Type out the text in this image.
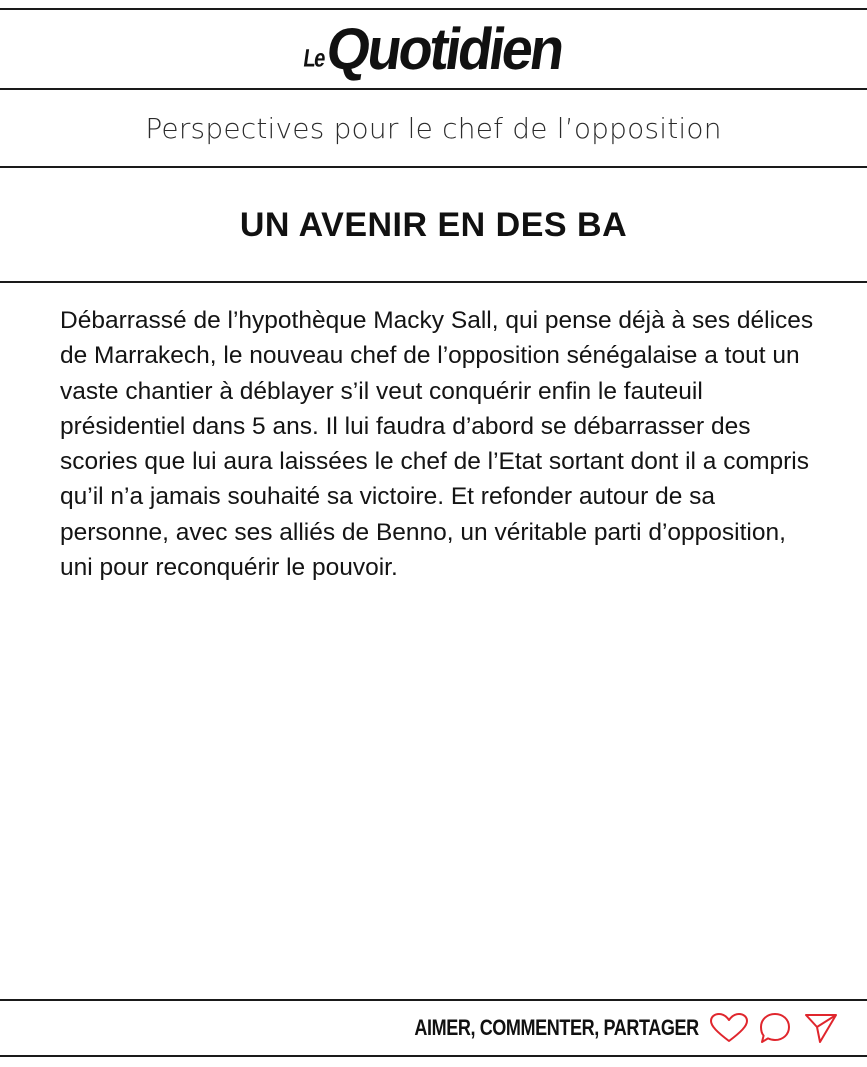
Le
Quotidien
Perspectives pour le chef de l’opposition
UN AVENIR EN DES BA

Débarrassé de l’hypothèque Macky Sall, qui pense déjà à ses délices de Marrakech, le nouveau chef de l’opposition sénégalaise a tout un vaste chantier à déblayer s’il veut conquérir enfin le fauteuil présidentiel dans 5 ans. Il lui faudra d’abord se débarrasser des scories que lui aura laissées le chef de l’Etat sortant dont il a compris qu’il n’a jamais souhaité sa victoire. Et refonder autour de sa personne, avec ses alliés de Benno, un véritable parti d’opposition, uni pour reconquérir le pouvoir.

AIMER, COMMENTER, PARTAGER
